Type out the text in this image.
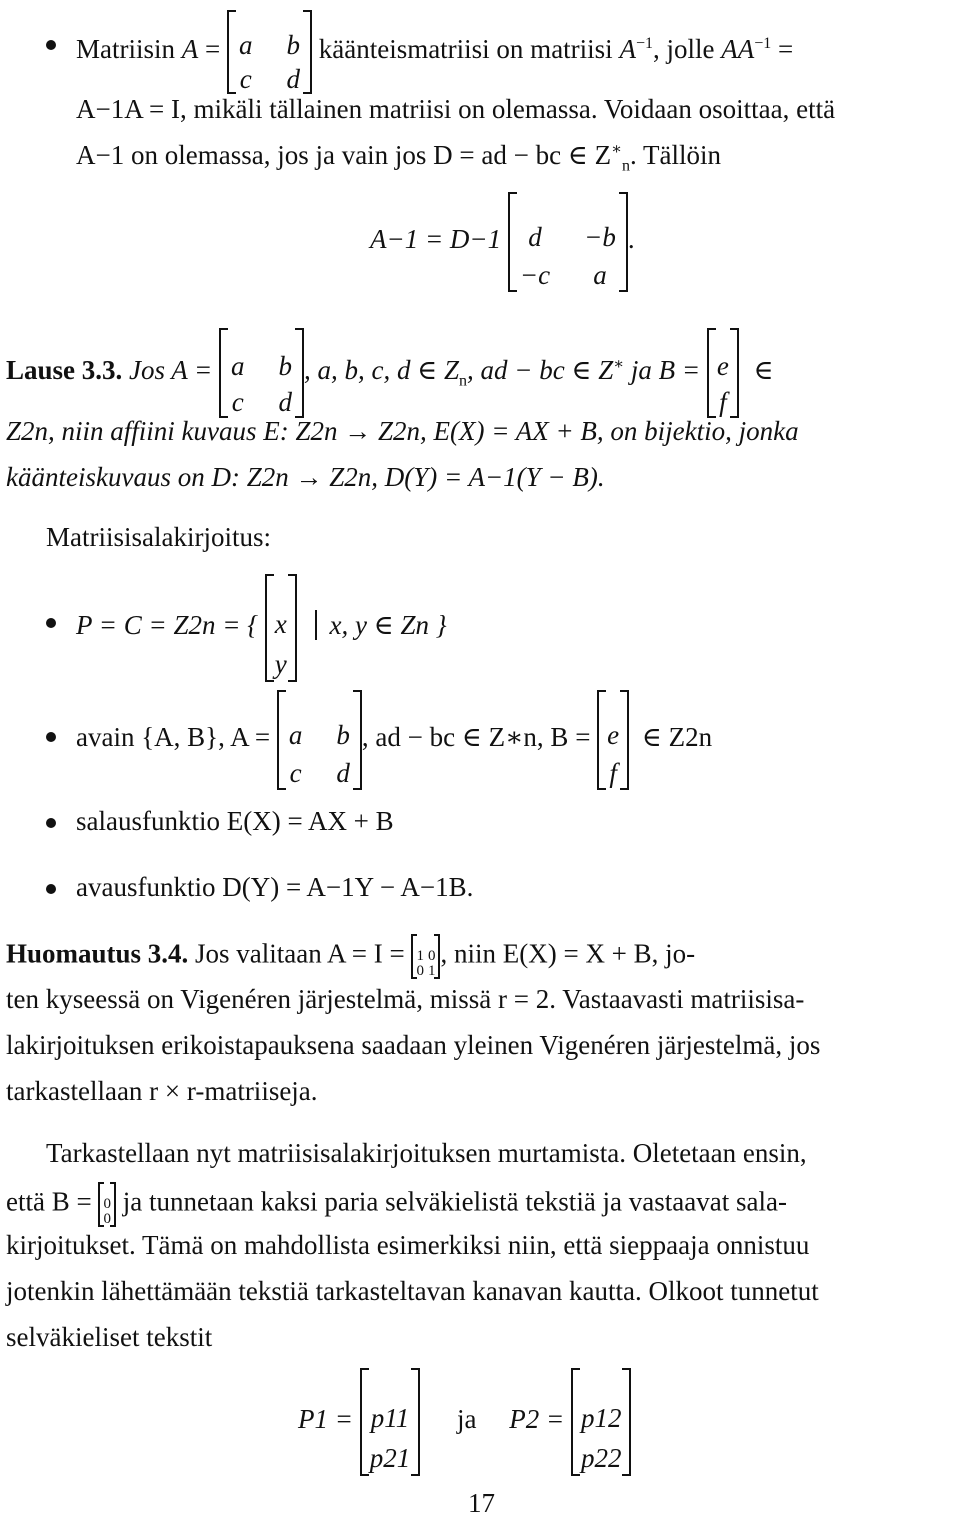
Matriisin A = a b
c d
käänteismatriisi on matriisi $A^{-1}$, jolle $AA^{-1}$ =
A−1A = I, mikäli tällainen matriisi on olemassa. Voidaan osoittaa, että
A−1 on olemassa, jos ja vain jos D = ad − bc ∈ $Z^∗_n$. Tällöin
A−1 = D−1	d	−b
−c	a
.
Lause 3.3. Jos A = a b
c d
, a, b, c, d ∈ $Z_n$, ad − bc ∈ Z∗ ja B = e
f
∈
Z2n, niin affiini kuvaus E: Z2n → Z2n, E(X) = AX + B, on bijektio, jonka
käänteiskuvaus on D: Z2n → Z2n, D(Y) = A−1(Y − B).
Matriisisalakirjoitus:
P = C = Z2n = { x
y
x, y ∈ Zn }
avain {A, B}, A = a b
c d
, ad − bc ∈ Z∗n, B = e
f
∈ Z2n
salausfunktio E(X) = AX + B
avausfunktio D(Y) = A−1Y − A−1B.
Huomautus 3.4. Jos valitaan A = I = 1 0
0 1
, niin E(X) = X + B, jo-
ten kyseessä on Vigenéren järjestelmä, missä r = 2. Vastaavasti matriisisa-
lakirjoituksen erikoistapauksena saadaan yleinen Vigenéren järjestelmä, jos
tarkastellaan r × r-matriiseja.
Tarkastellaan nyt matriisisalakirjoituksen murtamista. Oletetaan ensin,
että B = 0
0
ja tunnetaan kaksi paria selväkielistä tekstiä ja vastaavat sala-
kirjoitukset. Tämä on mahdollista esimerkiksi niin, että sieppaaja onnistuu
jotenkin lähettämään tekstiä tarkasteltavan kanavan kautta. Olkoot tunnetut
selväkieliset tekstit
P1 = p11
p21
ja P2 = p12
p22
17
